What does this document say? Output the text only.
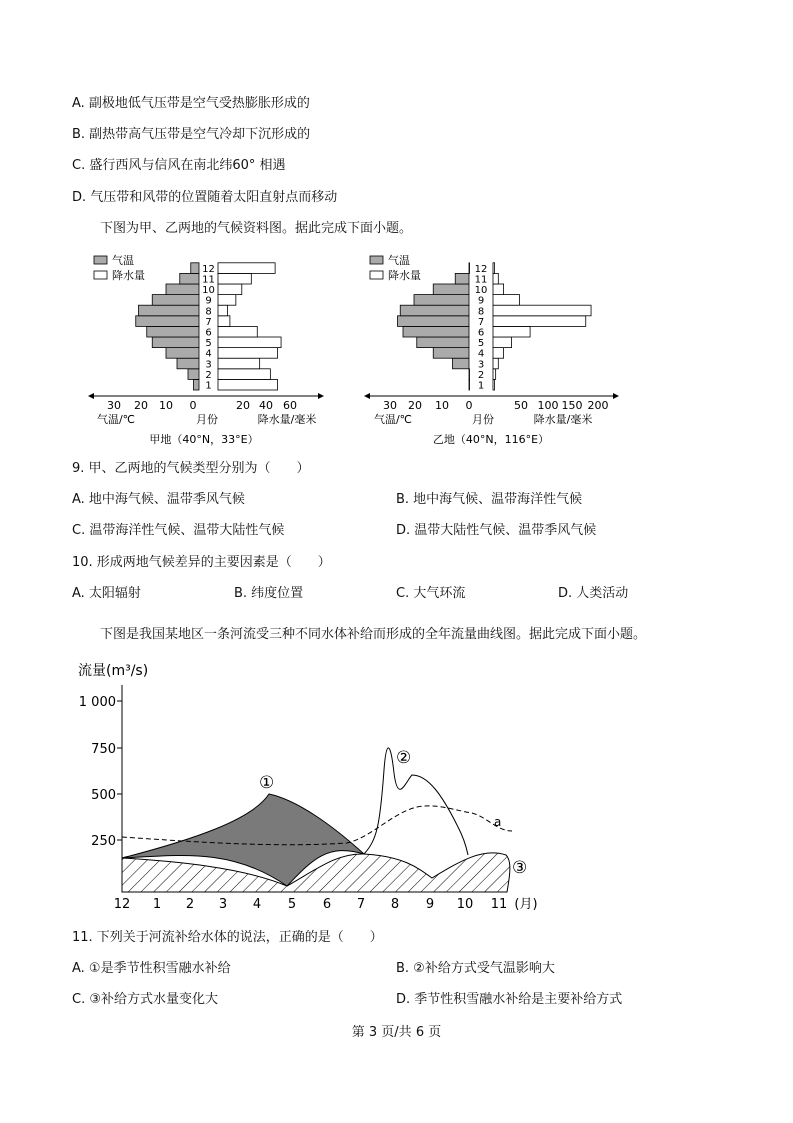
A. 副极地低气压带是空气受热膨胀形成的
B. 副热带高气压带是空气冷却下沉形成的
C. 盛行西风与信风在南北纬60° 相遇
D. 气压带和风带的位置随着太阳直射点而移动
下图为甲、乙两地的气候资料图。据此完成下面小题。
气温
降水量
1
2
3
4
5
6
7
8
9
10
11
12
气温
降水量
1
2
3
4
5
6
7
8
9
10
11
12
30 20 10 0	20 40 60
气温/℃	月份	降水量/毫米
甲地（40°N，33°E）
30 20 10 0	50 100 150 200
气温/℃	月份	降水量/毫米
乙地（40°N，116°E）
9. 甲、乙两地的气候类型分别为（　　）
A. 地中海气候、温带季风气候	B. 地中海气候、温带海洋性气候
C. 温带海洋性气候、温带大陆性气候	D. 温带大陆性气候、温带季风气候
10. 形成两地气候差异的主要因素是（　　）
A. 太阳辐射	B. 纬度位置	C. 大气环流	D. 人类活动
下图是我国某地区一条河流受三种不同水体补给而形成的全年流量曲线图。据此完成下面小题。
流量(m³/s)
1 000
750
500
250
12 1 2 3 4 5 6 7 8 9 10 11 (月)
①
②
③
a
11. 下列关于河流补给水体的说法，正确的是（　　）
A. ①是季节性积雪融水补给	B. ②补给方式受气温影响大
C. ③补给方式水量变化大	D. 季节性积雪融水补给是主要补给方式
第 3 页/共 6 页
